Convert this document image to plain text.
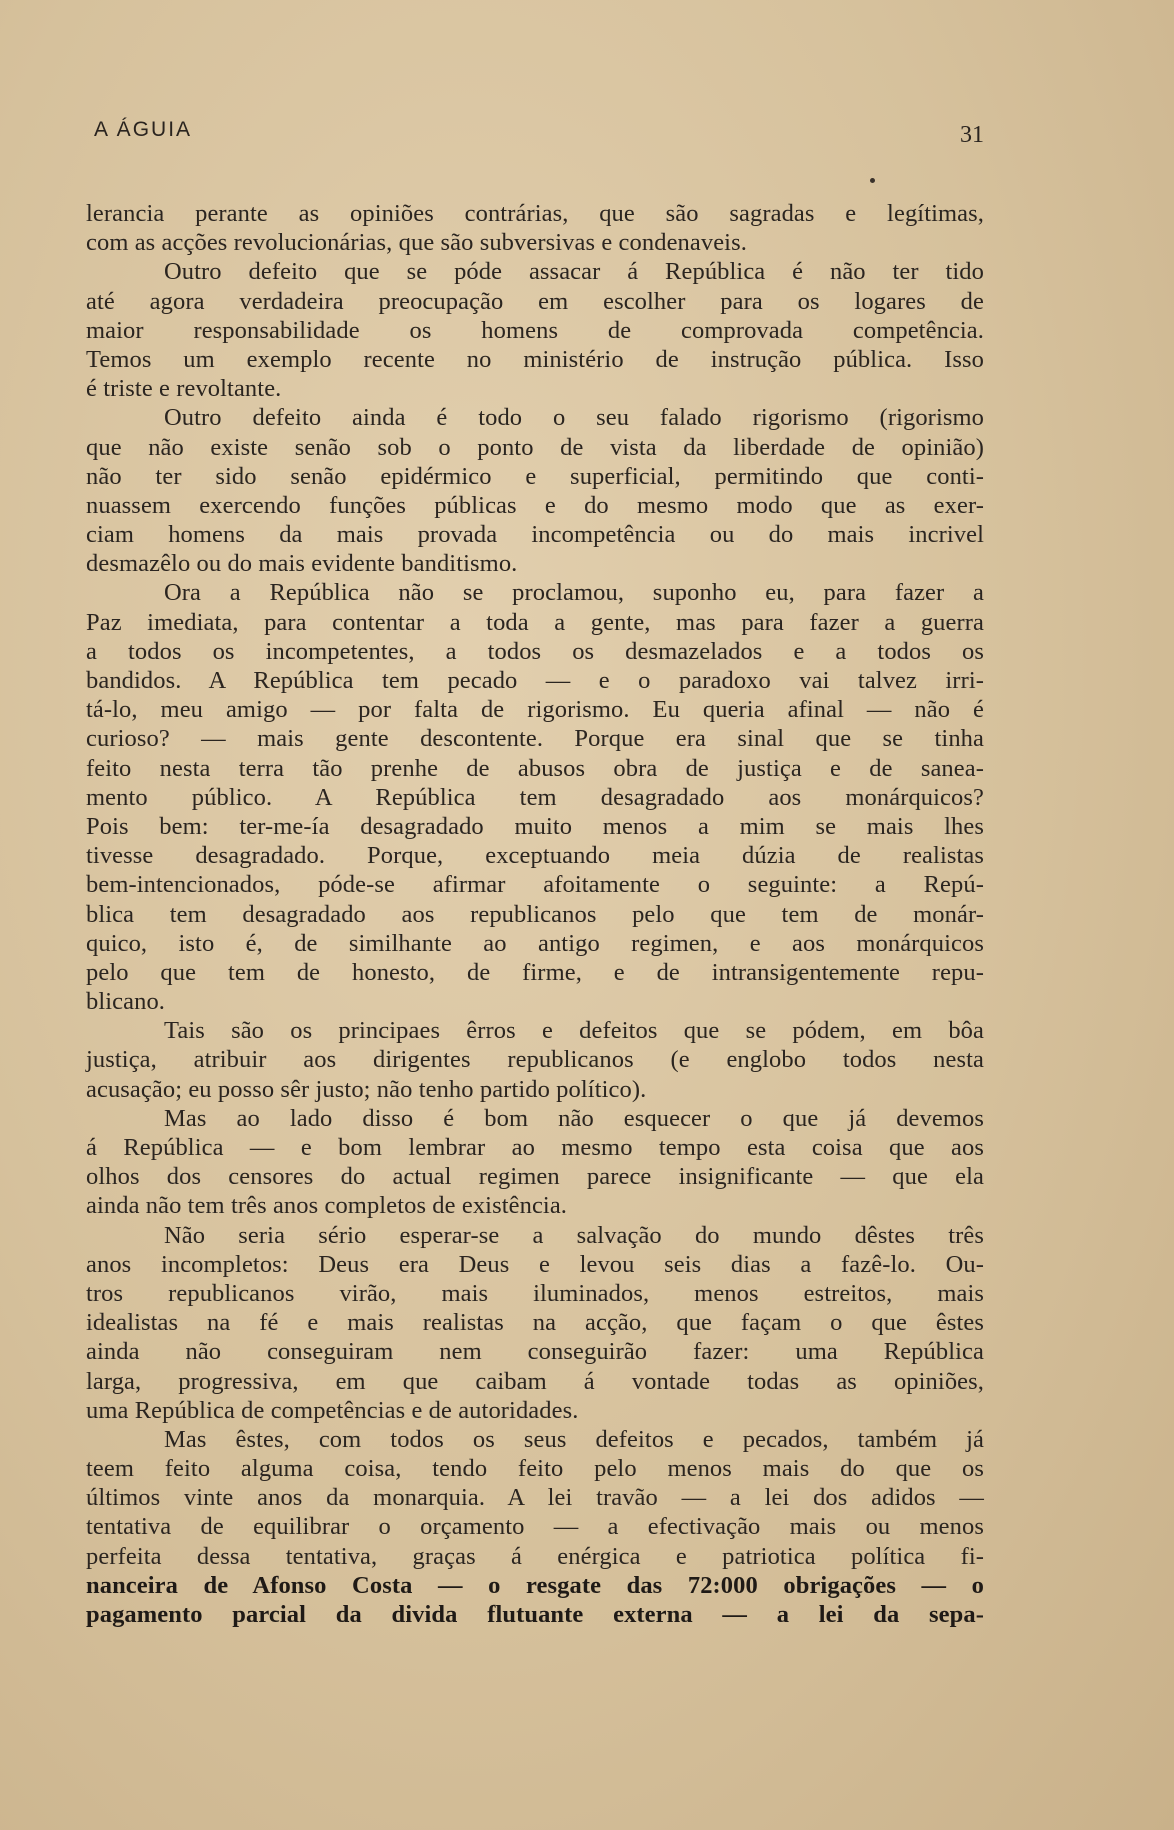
A ÁGUIA	31
lerancia perante as opiniões contrárias, que são sagradas e legítimas,
com as acções revolucionárias, que são subversivas e condenaveis.
Outro defeito que se póde assacar á República é não ter tido
até agora verdadeira preocupação em escolher para os logares de
maior responsabilidade os homens de comprovada competência.
Temos um exemplo recente no ministério de instrução pública. Isso
é triste e revoltante.
Outro defeito ainda é todo o seu falado rigorismo (rigorismo
que não existe senão sob o ponto de vista da liberdade de opinião)
não ter sido senão epidérmico e superficial, permitindo que conti-
nuassem exercendo funções públicas e do mesmo modo que as exer-
ciam homens da mais provada incompetência ou do mais incrivel
desmazêlo ou do mais evidente banditismo.
Ora a República não se proclamou, suponho eu, para fazer a
Paz imediata, para contentar a toda a gente, mas para fazer a guerra
a todos os incompetentes, a todos os desmazelados e a todos os
bandidos. A República tem pecado — e o paradoxo vai talvez irri-
tá-lo, meu amigo — por falta de rigorismo. Eu queria afinal — não é
curioso? — mais gente descontente. Porque era sinal que se tinha
feito nesta terra tão prenhe de abusos obra de justiça e de sanea-
mento público. A República tem desagradado aos monárquicos?
Pois bem: ter-me-ía desagradado muito menos a mim se mais lhes
tivesse desagradado. Porque, exceptuando meia dúzia de realistas
bem-intencionados, póde-se afirmar afoitamente o seguinte: a Repú-
blica tem desagradado aos republicanos pelo que tem de monár-
quico, isto é, de similhante ao antigo regimen, e aos monárquicos
pelo que tem de honesto, de firme, e de intransigentemente repu-
blicano.
Tais são os principaes êrros e defeitos que se pódem, em bôa
justiça, atribuir aos dirigentes republicanos (e englobo todos nesta
acusação; eu posso sêr justo; não tenho partido político).
Mas ao lado disso é bom não esquecer o que já devemos
á República — e bom lembrar ao mesmo tempo esta coisa que aos
olhos dos censores do actual regimen parece insignificante — que ela
ainda não tem três anos completos de existência.
Não seria sério esperar-se a salvação do mundo dêstes três
anos incompletos: Deus era Deus e levou seis dias a fazê-lo. Ou-
tros republicanos virão, mais iluminados, menos estreitos, mais
idealistas na fé e mais realistas na acção, que façam o que êstes
ainda não conseguiram nem conseguirão fazer: uma República
larga, progressiva, em que caibam á vontade todas as opiniões,
uma República de competências e de autoridades.
Mas êstes, com todos os seus defeitos e pecados, também já
teem feito alguma coisa, tendo feito pelo menos mais do que os
últimos vinte anos da monarquia. A lei travão — a lei dos adidos —
tentativa de equilibrar o orçamento — a efectivação mais ou menos
perfeita dessa tentativa, graças á enérgica e patriotica política fi-
nanceira de Afonso Costa — o resgate das 72:000 obrigações — o
pagamento parcial da divida flutuante externa — a lei da sepa-
